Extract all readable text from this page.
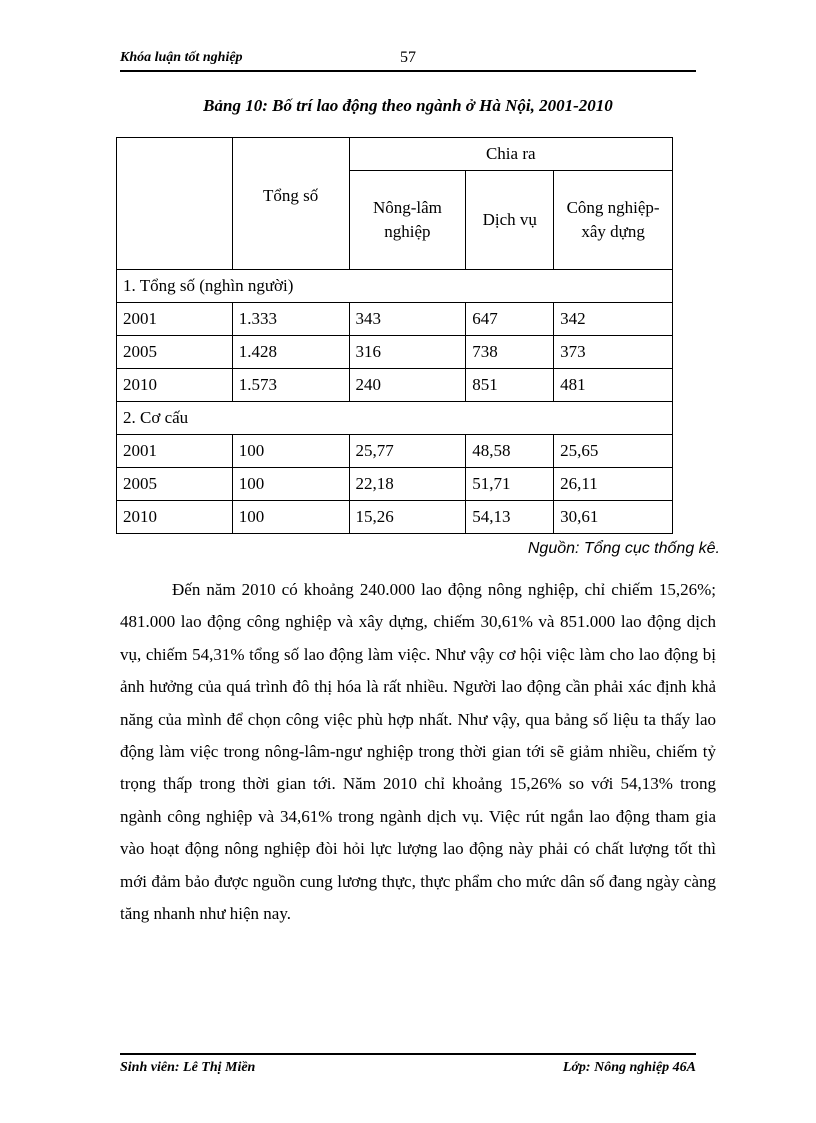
Khóa luận tốt nghiệp	57
Bảng 10: Bố trí lao động theo ngành ở Hà Nội, 2001-2010
	Tổng số	Chia ra		
		Nông-lâm nghiệp	Dịch vụ	Công nghiệp-xây dựng
1. Tổng số (nghìn người)				
2001	1.333	343	647	342
2005	1.428	316	738	373
2010	1.573	240	851	481
2. Cơ cấu				
2001	100	25,77	48,58	25,65
2005	100	22,18	51,71	26,11
2010	100	15,26	54,13	30,61
Nguồn: Tổng cục thống kê.

Đến năm 2010 có khoảng 240.000 lao động nông nghiệp, chỉ chiếm 15,26%; 481.000 lao động công nghiệp và xây dựng, chiếm 30,61% và 851.000 lao động dịch vụ, chiếm 54,31% tổng số lao động làm việc. Như vậy cơ hội việc làm cho lao động bị ảnh hưởng của quá trình đô thị hóa là rất nhiều. Người lao động cần phải xác định khả năng của mình để chọn công việc phù hợp nhất. Như vậy, qua bảng số liệu ta thấy lao động làm việc trong nông-lâm-ngư nghiệp trong thời gian tới sẽ giảm nhiều, chiếm tỷ trọng thấp trong thời gian tới. Năm 2010 chỉ khoảng 15,26% so với 54,13% trong ngành công nghiệp và 34,61% trong ngành dịch vụ. Việc rút ngắn lao động tham gia vào hoạt động nông nghiệp đòi hỏi lực lượng lao động này phải có chất lượng tốt thì mới đảm bảo được nguồn cung lương thực, thực phẩm cho mức dân số đang ngày càng tăng nhanh như hiện nay.

Sinh viên: Lê Thị Miền	Lớp: Nông nghiệp 46A
